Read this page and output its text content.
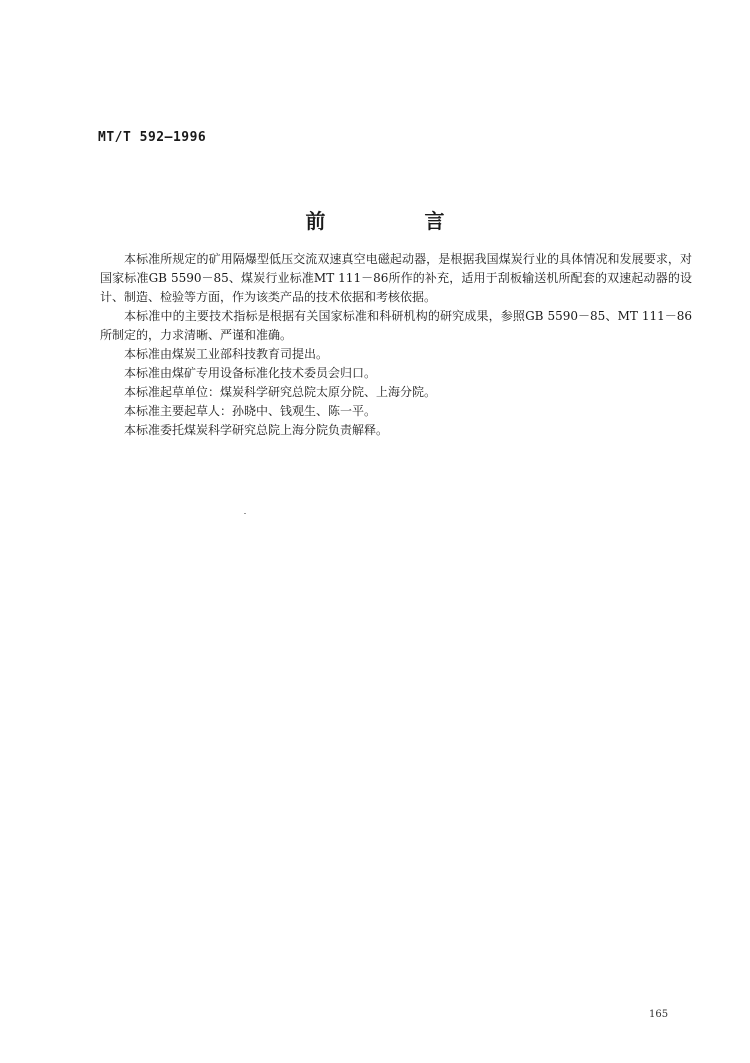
MT/T 592—1996
前 言

本标准所规定的矿用隔爆型低压交流双速真空电磁起动器，是根据我国煤炭行业的具体情况和发展要求，对国家标准GB 5590－85、煤炭行业标准MT 111－86所作的补充，适用于刮板输送机所配套的双速起动器的设计、制造、检验等方面，作为该类产品的技术依据和考核依据。

本标准中的主要技术指标是根据有关国家标准和科研机构的研究成果，参照GB 5590－85、MT 111－86所制定的，力求清晰、严谨和准确。

本标准由煤炭工业部科技教育司提出。

本标准由煤矿专用设备标准化技术委员会归口。

本标准起草单位：煤炭科学研究总院太原分院、上海分院。

本标准主要起草人：孙晓中、钱观生、陈一平。

本标准委托煤炭科学研究总院上海分院负责解释。

165
